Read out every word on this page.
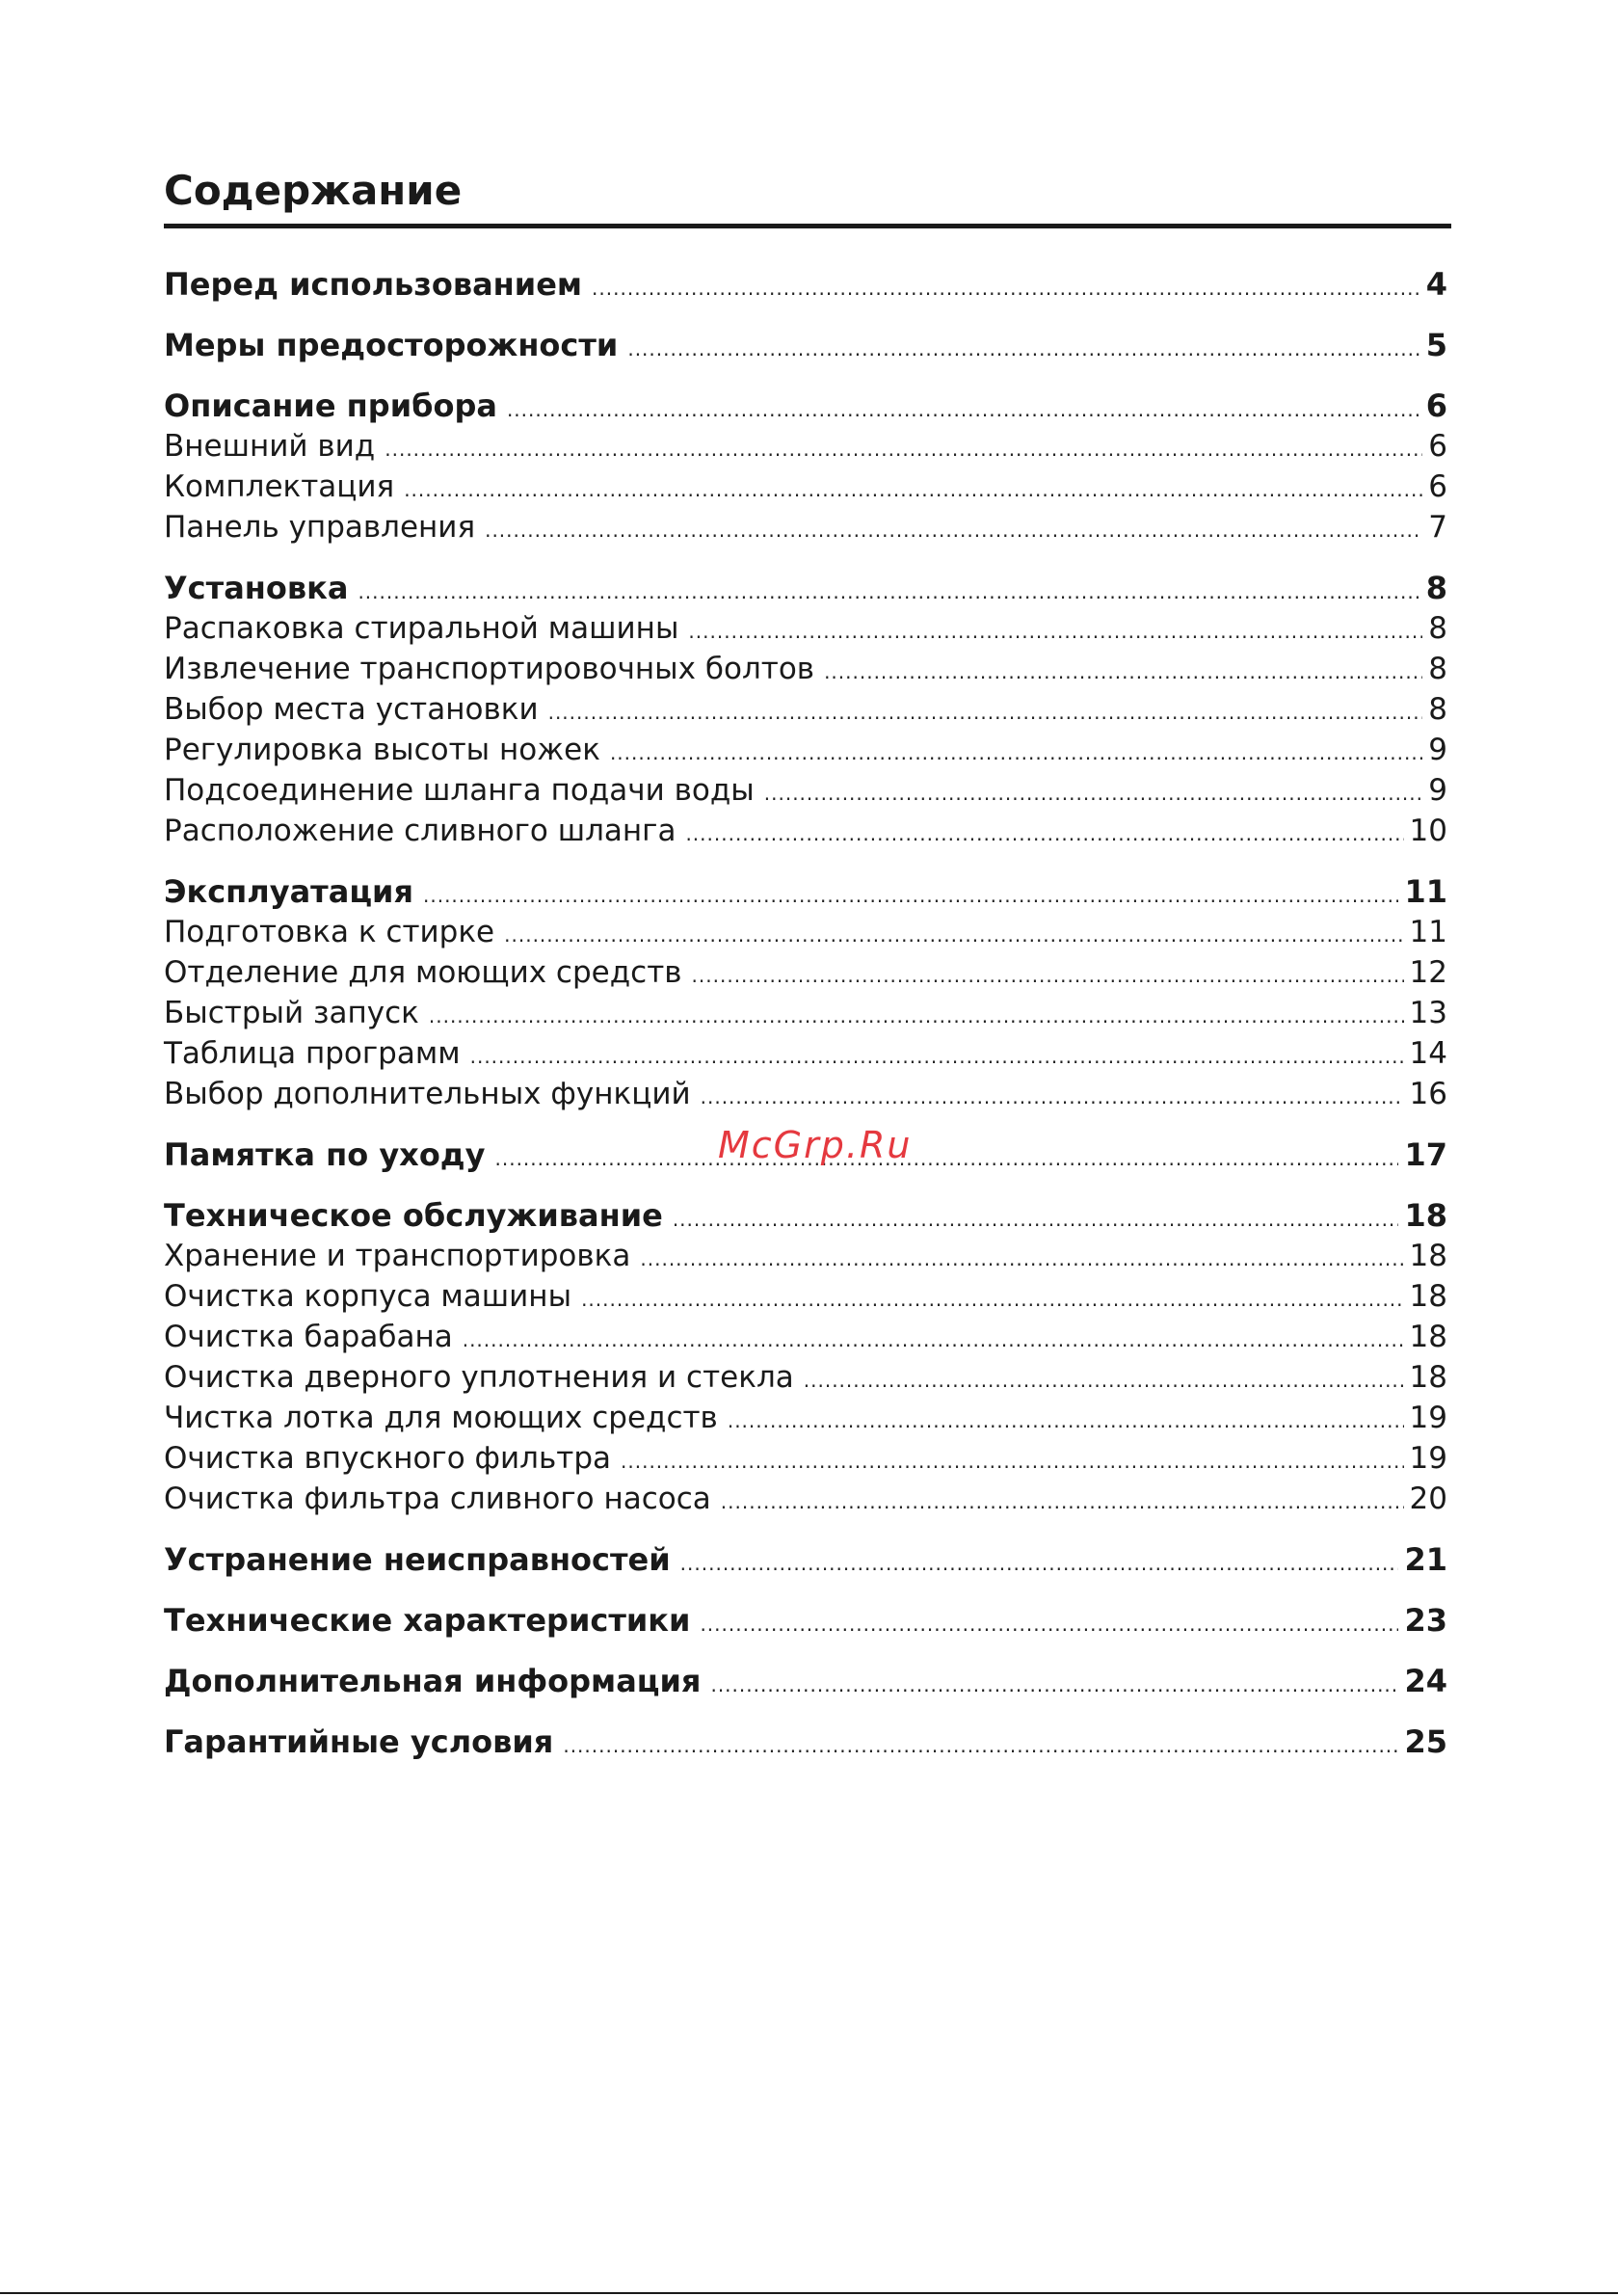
Содержание
Перед использованием .....	4
Меры предосторожности .....	5
Описание прибора .....	6
Внешний вид .....	6
Комплектация .....	6
Панель управления .....	7
Установка .....	8
Распаковка стиральной машины .....	8
Извлечение транспортировочных болтов .....	8
Выбор места установки .....	8
Регулировка высоты ножек .....	9
Подсоединение шланга подачи воды .....	9
Расположение сливного шланга .....	10
Эксплуатация .....	11
Подготовка к стирке .....	11
Отделение для моющих средств .....	12
Быстрый запуск .....	13
Таблица программ .....	14
Выбор дополнительных функций .....	16
Памятка по уходу .....	17
Техническое обслуживание .....	18
Хранение и транспортировка .....	18
Очистка корпуса машины .....	18
Очистка барабана .....	18
Очистка дверного уплотнения и стекла .....	18
Чистка лотка для моющих средств .....	19
Очистка впускного фильтра .....	19
Очистка фильтра сливного насоса .....	20
Устранение неисправностей .....	21
Технические характеристики .....	23
Дополнительная информация .....	24
Гарантийные условия .....	25
McGrp.Ru
